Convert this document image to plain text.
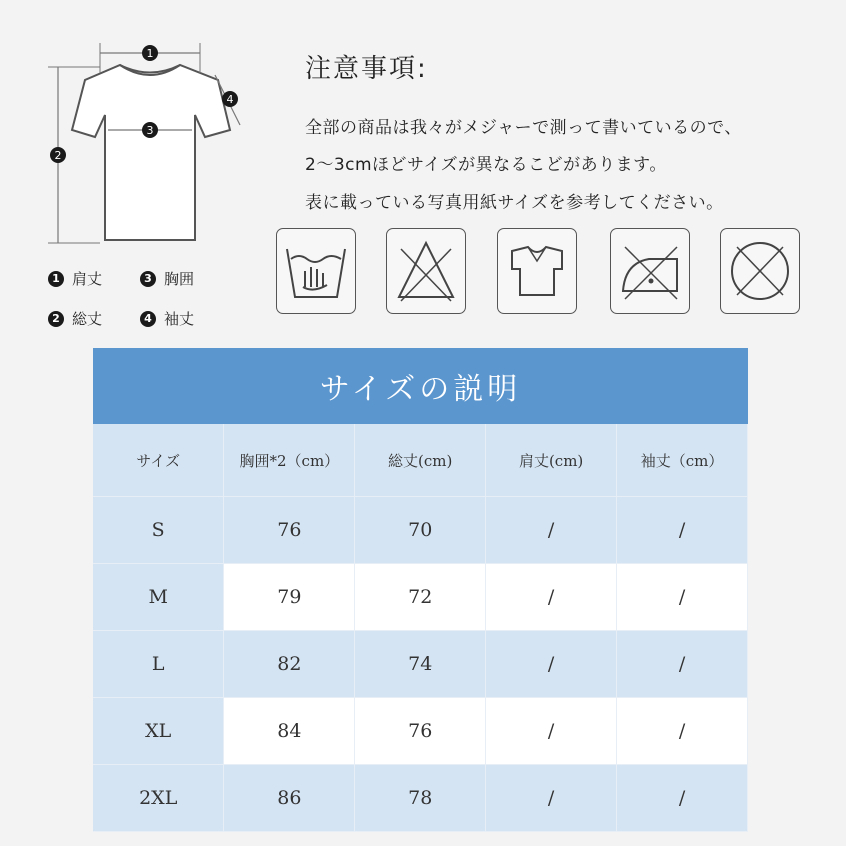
1
2
3
4
1 肩丈	3 胸囲
2 総丈	4 袖丈
注意事項:
全部の商品は我々がメジャーで測って書いているので、
2〜3cmほどサイズが異なるこどがあります。
表に載っている写真用紙サイズを参考してください。
サイズの説明
サイズ	胸囲*2（cm）	総丈(cm)	肩丈(cm)	袖丈（cm）
S	76	70	/	/
M	79	72	/	/
L	82	74	/	/
XL	84	76	/	/
2XL	86	78	/	/
